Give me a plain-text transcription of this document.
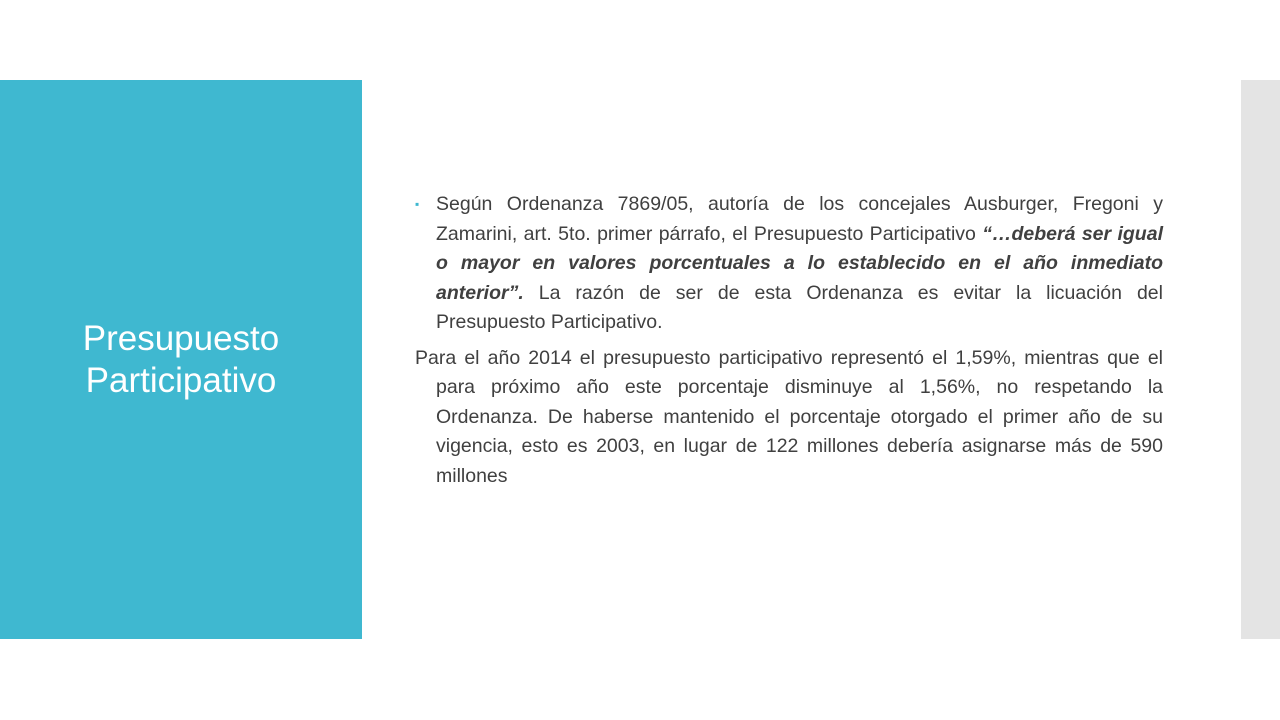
Presupuesto
Participativo

▪ Según Ordenanza 7869/05, autoría de los concejales Ausburger, Fregoni y Zamarini, art. 5to. primer párrafo, el Presupuesto Participativo “…deberá ser igual o mayor en valores porcentuales a lo establecido en el año inmediato anterior”. La razón de ser de esta Ordenanza es evitar la licuación del Presupuesto Participativo.

Para el año 2014 el presupuesto participativo representó el 1,59%, mientras que el para próximo año este porcentaje disminuye al 1,56%, no respetando la Ordenanza. De haberse mantenido el porcentaje otorgado el primer año de su vigencia, esto es 2003, en lugar de 122 millones debería asignarse más de 590 millones
